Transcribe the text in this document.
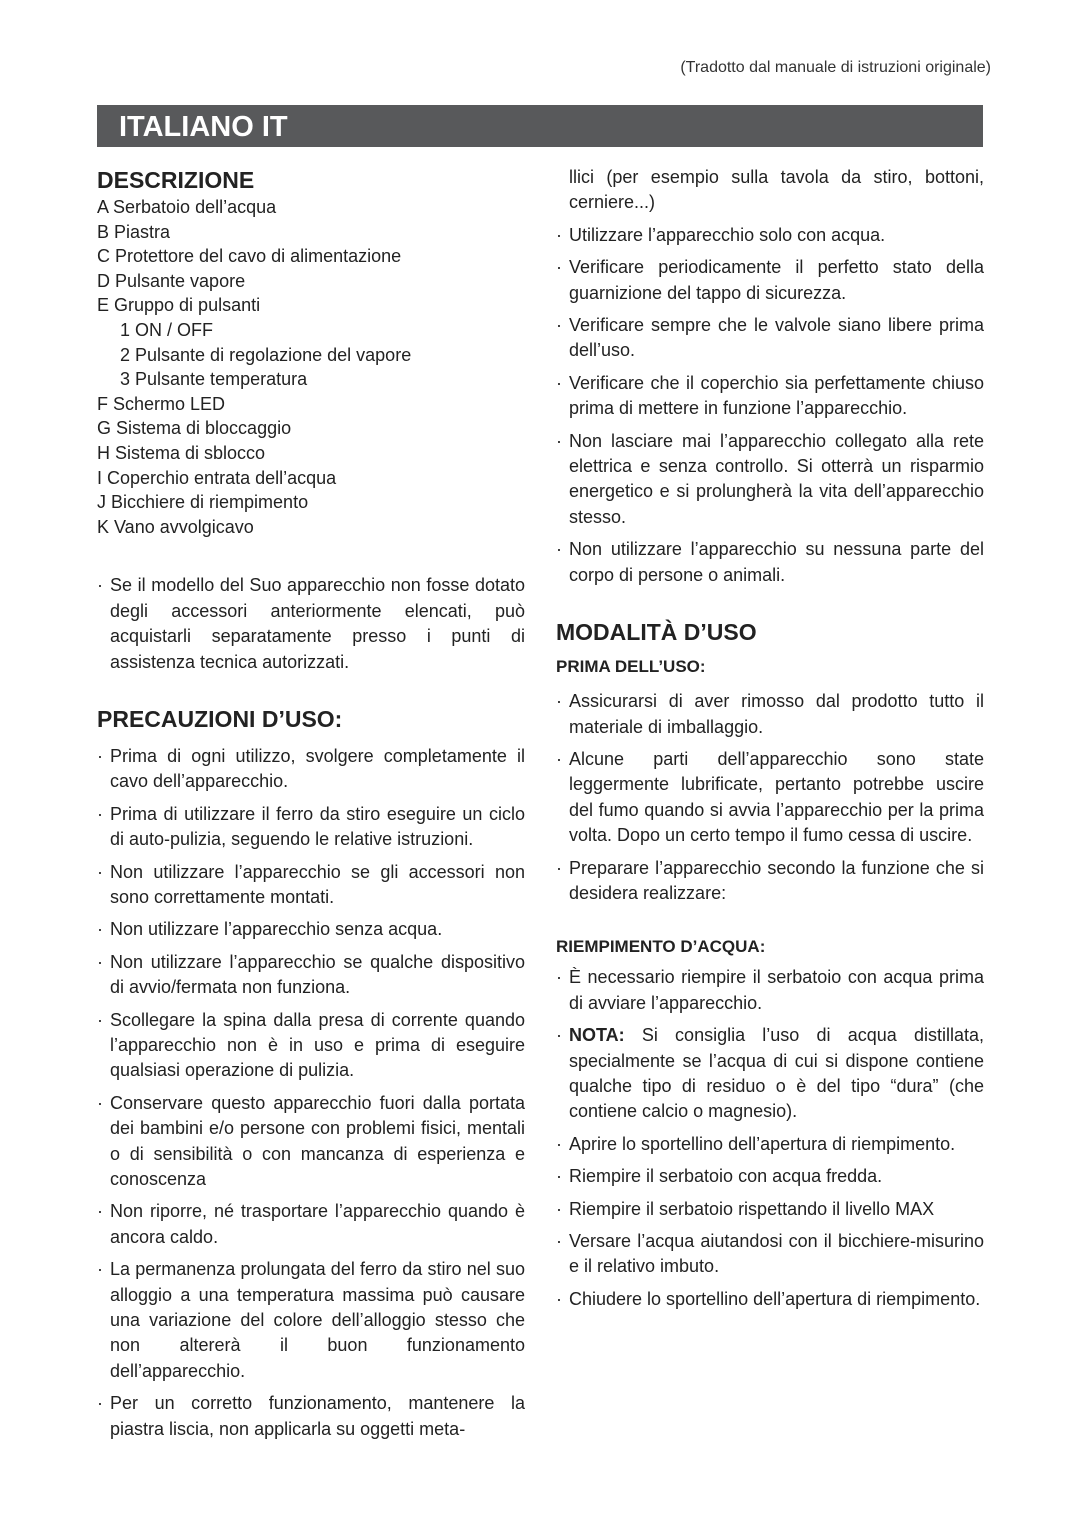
(Tradotto dal manuale di istruzioni originale)
ITALIANO IT
DESCRIZIONE
A Serbatoio dell’acqua
B Piastra
C Protettore del cavo di alimentazione
D Pulsante vapore
E Gruppo di pulsanti
1 ON / OFF
2 Pulsante di regolazione del vapore
3 Pulsante temperatura
F Schermo LED
G Sistema di bloccaggio
H Sistema di sblocco
I Coperchio entrata dell’acqua
J Bicchiere di riempimento
K Vano avvolgicavo
· Se il modello del Suo apparecchio non fosse dotato degli accessori anteriormente elencati, può acquistarli separatamente presso i punti di assistenza tecnica autorizzati.
PRECAUZIONI D’USO:
· Prima di ogni utilizzo, svolgere completamente il cavo dell’apparecchio.
· Prima di utilizzare il ferro da stiro eseguire un ciclo di auto-pulizia, seguendo le relative istruzioni.
· Non utilizzare l’apparecchio se gli accessori non sono correttamente montati.
· Non utilizzare l’apparecchio senza acqua.
· Non utilizzare l’apparecchio se qualche dispositivo di avvio/fermata non funziona.
· Scollegare la spina dalla presa di corrente quando l’apparecchio non è in uso e prima di eseguire qualsiasi operazione di pulizia.
· Conservare questo apparecchio fuori dalla portata dei bambini e/o persone con problemi fisici, mentali o di sensibilità o con mancanza di esperienza e conoscenza
· Non riporre, né trasportare l’apparecchio quando è ancora caldo.
· La permanenza prolungata del ferro da stiro nel suo alloggio a una temperatura massima può causare una variazione del colore dell’alloggio stesso che non altererà il buon funzionamento dell’apparecchio.
· Per un corretto funzionamento, mantenere la piastra liscia, non applicarla su oggetti meta-
llici (per esempio sulla tavola da stiro, bottoni, cerniere...)
· Utilizzare l’apparecchio solo con acqua.
· Verificare periodicamente il perfetto stato della guarnizione del tappo di sicurezza.
· Verificare sempre che le valvole siano libere prima dell’uso.
· Verificare che il coperchio sia perfettamente chiuso prima di mettere in funzione l’apparecchio.
· Non lasciare mai l’apparecchio collegato alla rete elettrica e senza controllo. Si otterrà un risparmio energetico e si prolungherà la vita dell’apparecchio stesso.
· Non utilizzare l’apparecchio su nessuna parte del corpo di persone o animali.
MODALITÀ D’USO
PRIMA DELL’USO:
· Assicurarsi di aver rimosso dal prodotto tutto il materiale di imballaggio.
· Alcune parti dell’apparecchio sono state leggermente lubrificate, pertanto potrebbe uscire del fumo quando si avvia l’apparecchio per la prima volta. Dopo un certo tempo il fumo cessa di uscire.
· Preparare l’apparecchio secondo la funzione che si desidera realizzare:
RIEMPIMENTO D’ACQUA:
· È necessario riempire il serbatoio con acqua prima di avviare l’apparecchio.
· NOTA: Si consiglia l’uso di acqua distillata, specialmente se l’acqua di cui si dispone contiene qualche tipo di residuo o è del tipo “dura” (che contiene calcio o magnesio).
· Aprire lo sportellino dell’apertura di riempimento.
· Riempire il serbatoio con acqua fredda.
· Riempire il serbatoio rispettando il livello MAX
· Versare l’acqua aiutandosi con il bicchiere-misurino e il relativo imbuto.
· Chiudere lo sportellino dell’apertura di riempimento.
